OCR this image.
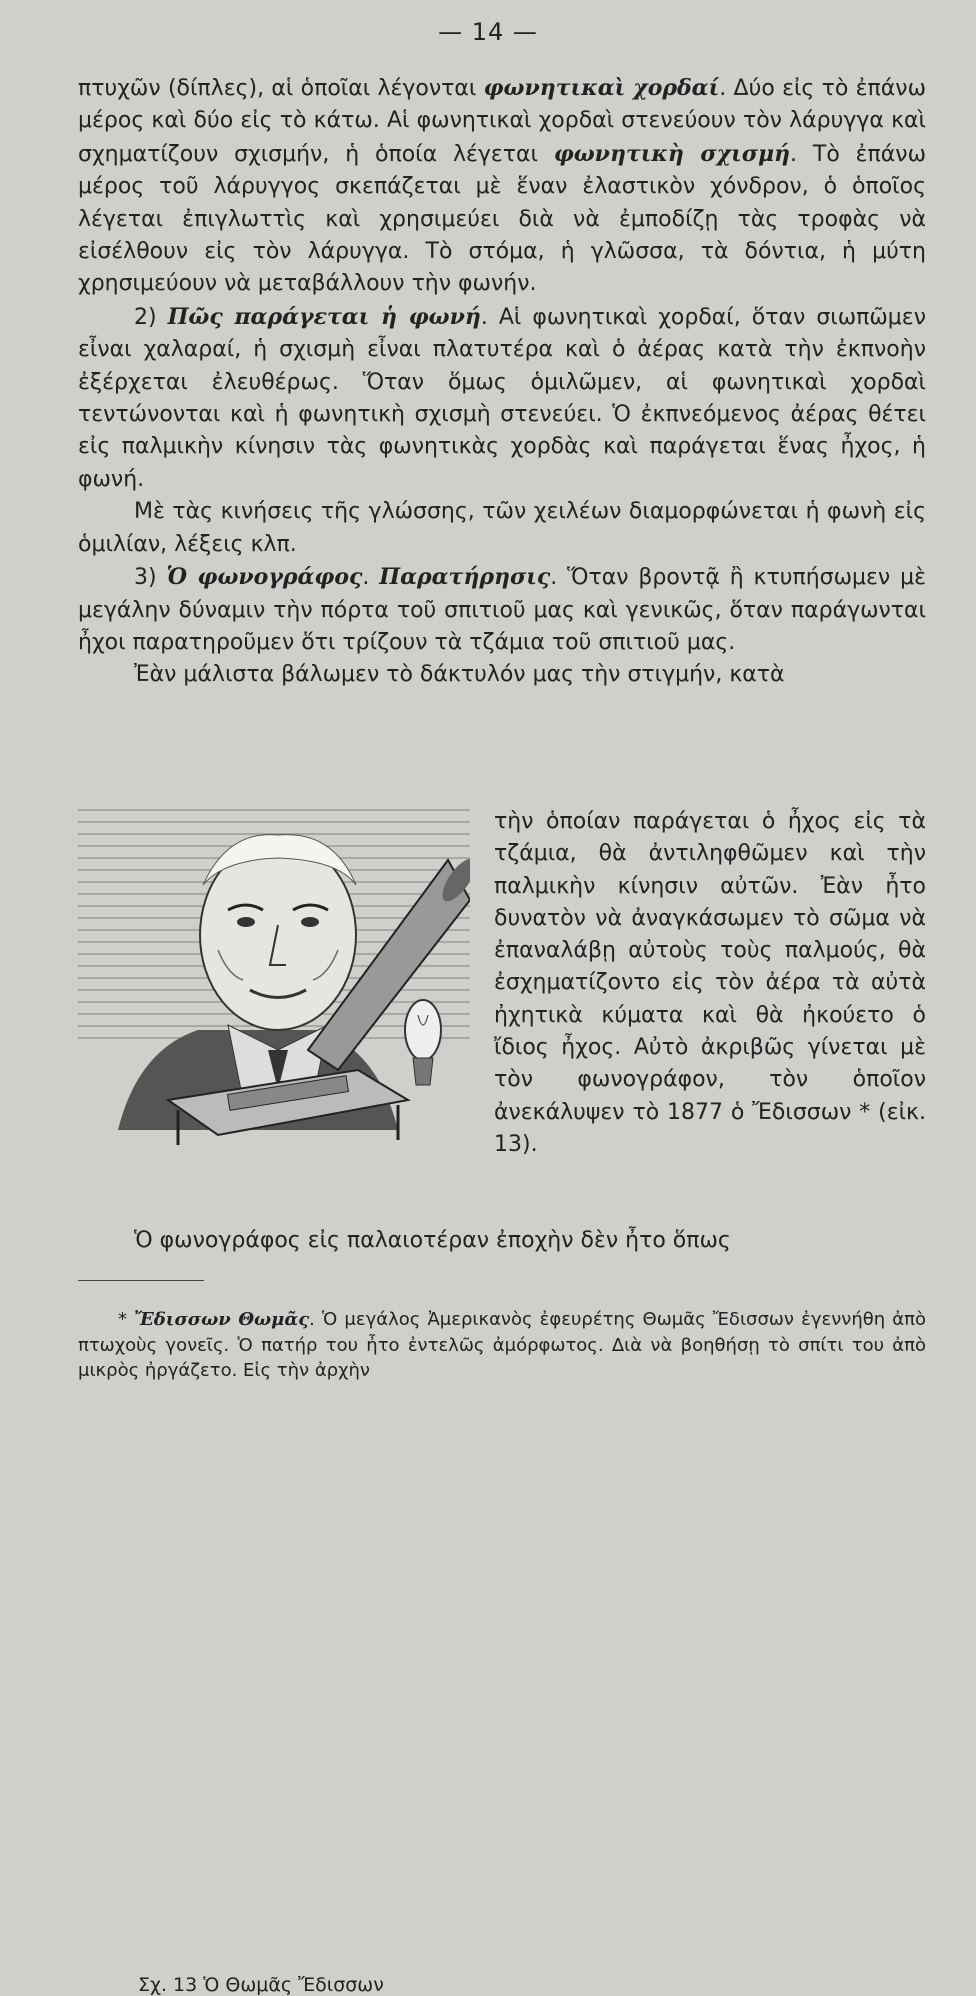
— 14 —

πτυχῶν (δίπλες), αἱ ὁποῖαι λέγονται φωνητικαὶ χορδαί. Δύο εἰς τὸ ἐπάνω μέρος καὶ δύο εἰς τὸ κάτω. Αἱ φωνητικαὶ χορδαὶ στενεύουν τὸν λάρυγγα καὶ σχηματίζουν σχισμήν, ἡ ὁποία λέγεται φωνητικὴ σχισμή. Τὸ ἐπάνω μέρος τοῦ λάρυγγος σκεπάζεται μὲ ἕναν ἐλαστικὸν χόνδρον, ὁ ὁποῖος λέγεται ἐπιγλωττὶς καὶ χρησιμεύει διὰ νὰ ἐμποδίζῃ τὰς τροφὰς νὰ εἰσέλθουν εἰς τὸν λάρυγγα. Τὸ στόμα, ἡ γλῶσσα, τὰ δόντια, ἡ μύτη χρησιμεύουν νὰ μεταβάλλουν τὴν φωνήν.

2) Πῶς παράγεται ἡ φωνή. Αἱ φωνητικαὶ χορδαί, ὅταν σιωπῶμεν εἶναι χαλαραί, ἡ σχισμὴ εἶναι πλατυτέρα καὶ ὁ ἀέρας κατὰ τὴν ἐκπνοὴν ἐξέρχεται ἐλευθέρως. Ὅταν ὅμως ὁμιλῶμεν, αἱ φωνητικαὶ χορδαὶ τεντώνονται καὶ ἡ φωνητικὴ σχισμὴ στενεύει. Ὁ ἐκπνεόμενος ἀέρας θέτει εἰς παλμικὴν κίνησιν τὰς φωνητικὰς χορδὰς καὶ παράγεται ἕνας ἦχος, ἡ φωνή.

Μὲ τὰς κινήσεις τῆς γλώσσης, τῶν χειλέων διαμορφώνεται ἡ φωνὴ εἰς ὁμιλίαν, λέξεις κλπ.

3) Ὁ φωνογράφος. Παρατήρησις. Ὅταν βροντᾷ ἢ κτυπήσωμεν μὲ μεγάλην δύναμιν τὴν πόρτα τοῦ σπιτιοῦ μας καὶ γενικῶς, ὅταν παράγωνται ἦχοι παρατηροῦμεν ὅτι τρίζουν τὰ τζάμια τοῦ σπιτιοῦ μας.

Ἐὰν μάλιστα βάλωμεν τὸ δάκτυλόν μας τὴν στιγμήν, κατὰ

Σχ. 13 Ὁ Θωμᾶς Ἔδισσων

τὴν ὁποίαν παράγεται ὁ ἦχος εἰς τὰ τζάμια, θὰ ἀντιληφθῶμεν καὶ τὴν παλμικὴν κίνησιν αὐτῶν. Ἐὰν ἦτο δυνατὸν νὰ ἀναγκάσωμεν τὸ σῶμα νὰ ἐπαναλάβῃ αὐτοὺς τοὺς παλμούς, θὰ ἐσχηματίζοντο εἰς τὸν ἀέρα τὰ αὐτὰ ἠχητικὰ κύματα καὶ θὰ ἠκούετο ὁ ἴδιος ἦχος. Αὐτὸ ἀκριβῶς γίνεται μὲ τὸν φωνογράφον, τὸν ὁποῖον ἀνεκάλυψεν τὸ 1877 ὁ Ἔδισσων * (εἰκ. 13).

Ὁ φωνογράφος εἰς παλαιοτέραν ἐποχὴν δὲν ἦτο ὅπως
* Ἔδισσων Θωμᾶς. Ὁ μεγάλος Ἀμερικανὸς ἐφευρέτης Θωμᾶς Ἔδισσων ἐγεννήθη ἀπὸ πτωχοὺς γονεῖς. Ὁ πατήρ του ἦτο ἐντελῶς ἀμόρφωτος. Διὰ νὰ βοηθήσῃ τὸ σπίτι του ἀπὸ μικρὸς ἠργάζετο. Εἰς τὴν ἀρχὴν
